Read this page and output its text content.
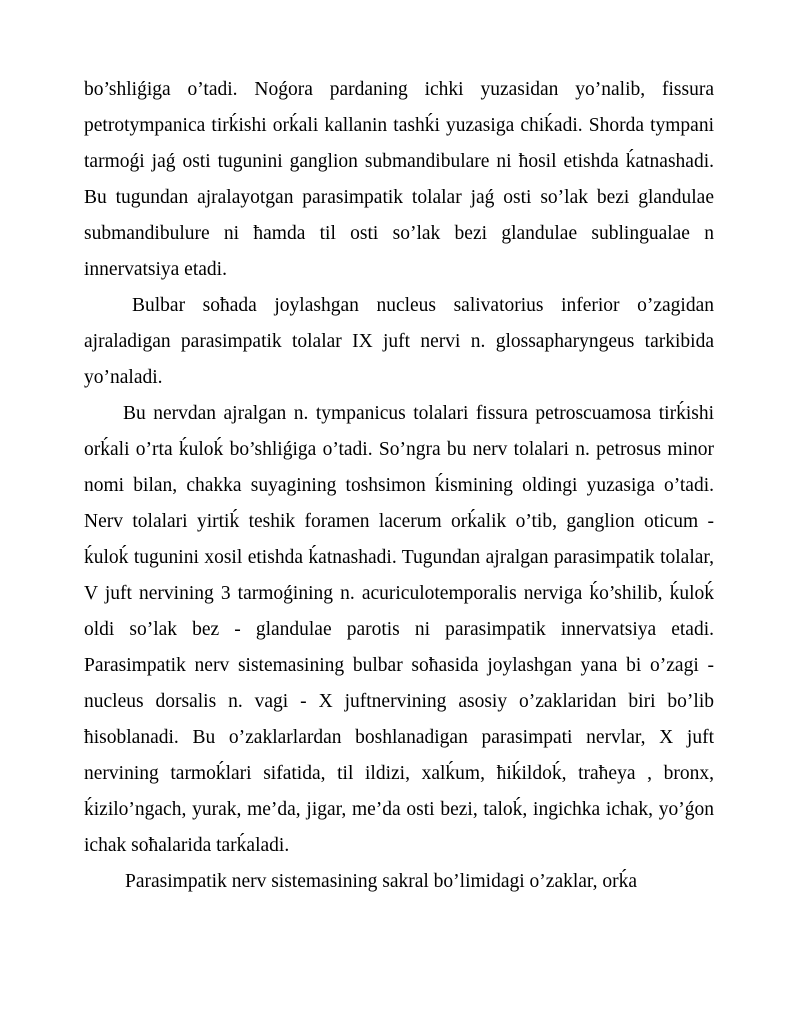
bo’shliǵiga o’tadi. Noǵora pardaning ichki yuzasidan yo’nalib, fissura petrotympanica tirḱishi orḱali kallanin tashḱi yuzasiga chiḱadi. Shorda tympani tarmoǵi jaǵ osti tugunini ganglion submandibulare ni ħosil etishda ḱatnashadi. Bu tugundan ajralayotgan parasimpatik tolalar jaǵ osti so’lak bezi glandulae submandibulure ni ħamda til osti so’lak bezi glandulae sublingualae n innervatsiya etadi.

Bulbar soħada joylashgan nucleus salivatorius inferior o’zagidan ajraladigan parasimpatik tolalar IX juft nervi n. glossapharyngeus tarkibida yo’naladi.

Bu nervdan ajralgan n. tympanicus tolalari fissura petroscuamosa tirḱishi orḱali o’rta ḱuloḱ bo’shliǵiga o’tadi. So’ngra bu nerv tolalari n. petrosus minor nomi bilan, chakka suyagining toshsimon ḱismining oldingi yuzasiga o’tadi. Nerv tolalari yirtiḱ teshik foramen lacerum orḱalik o’tib, ganglion oticum - ḱuloḱ tugunini xosil etishda ḱatnashadi. Tugundan ajralgan parasimpatik tolalar, V juft nervining 3 tarmoǵining n. acuriculotemporalis nerviga ḱo’shilib, ḱuloḱ oldi so’lak bez - glandulae parotis ni parasimpatik innervatsiya etadi. Parasimpatik nerv sistemasining bulbar soħasida joylashgan yana bi o’zagi - nucleus dorsalis n. vagi - X juftnervining asosiy o’zaklaridan biri bo’lib ħisoblanadi. Bu o’zaklarlardan boshlanadigan parasimpati nervlar, X juft nervining tarmoḱlari sifatida, til ildizi, xalḱum, ħiḱildoḱ, traħeya , bronx, ḱizilo’ngach, yurak, me’da, jigar, me’da osti bezi, taloḱ, ingichka ichak, yo’ǵon ichak soħalarida tarḱaladi.

Parasimpatik nerv sistemasining sakral bo’limidagi o’zaklar, orḱa
